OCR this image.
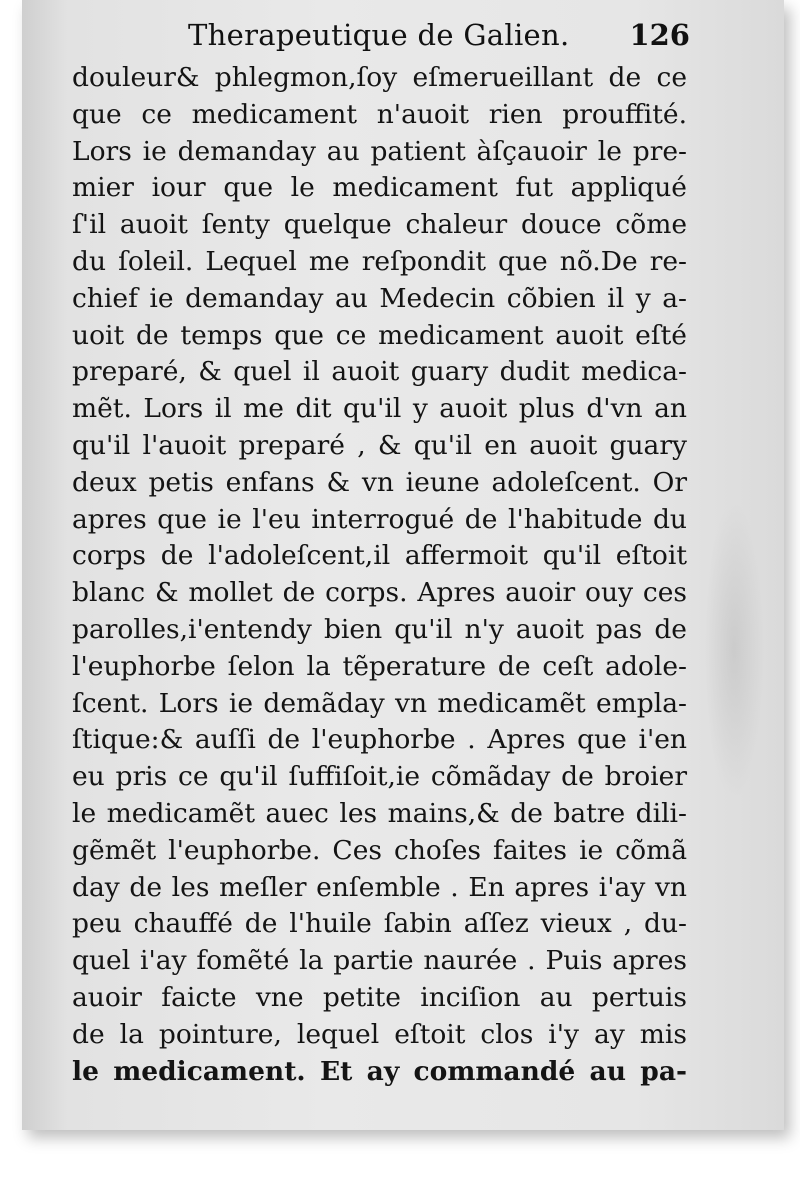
Therapeutique de Galien. 126
douleur& phlegmon,ſoy eſmerueillant de ce
que ce medicament n'auoit rien prouffité.
Lors ie demanday au patient àſçauoir le pre-
mier iour que le medicament fut appliqué
ſ'il auoit ſenty quelque chaleur douce cõme
du ſoleil. Lequel me reſpondit que nõ.De re-
chief ie demanday au Medecin cõbien il y a-
uoit de temps que ce medicament auoit eſté
preparé, & quel il auoit guary dudit medica-
mẽt. Lors il me dit qu'il y auoit plus d'vn an
qu'il l'auoit preparé , & qu'il en auoit guary
deux petis enfans & vn ieune adoleſcent. Or
apres que ie l'eu interrogué de l'habitude du
corps de l'adoleſcent,il affermoit qu'il eſtoit
blanc & mollet de corps. Apres auoir ouy ces
parolles,i'entendy bien qu'il n'y auoit pas de
l'euphorbe ſelon la tẽperature de ceſt adole-
ſcent. Lors ie demãday vn medicamẽt empla-
ſtique:& auſſi de l'euphorbe . Apres que i'en
eu pris ce qu'il ſuffiſoit,ie cõmãday de broier
le medicamẽt auec les mains,& de batre dili-
gẽmẽt l'euphorbe. Ces choſes faites ie cõmã
day de les meſler enſemble . En apres i'ay vn
peu chauffé de l'huile ſabin aſſez vieux , du-
quel i'ay fomẽté la partie naurée . Puis apres
auoir faicte vne petite inciſion au pertuis
de la pointure, lequel eſtoit clos i'y ay mis
le medicament. Et ay commandé au pa-
